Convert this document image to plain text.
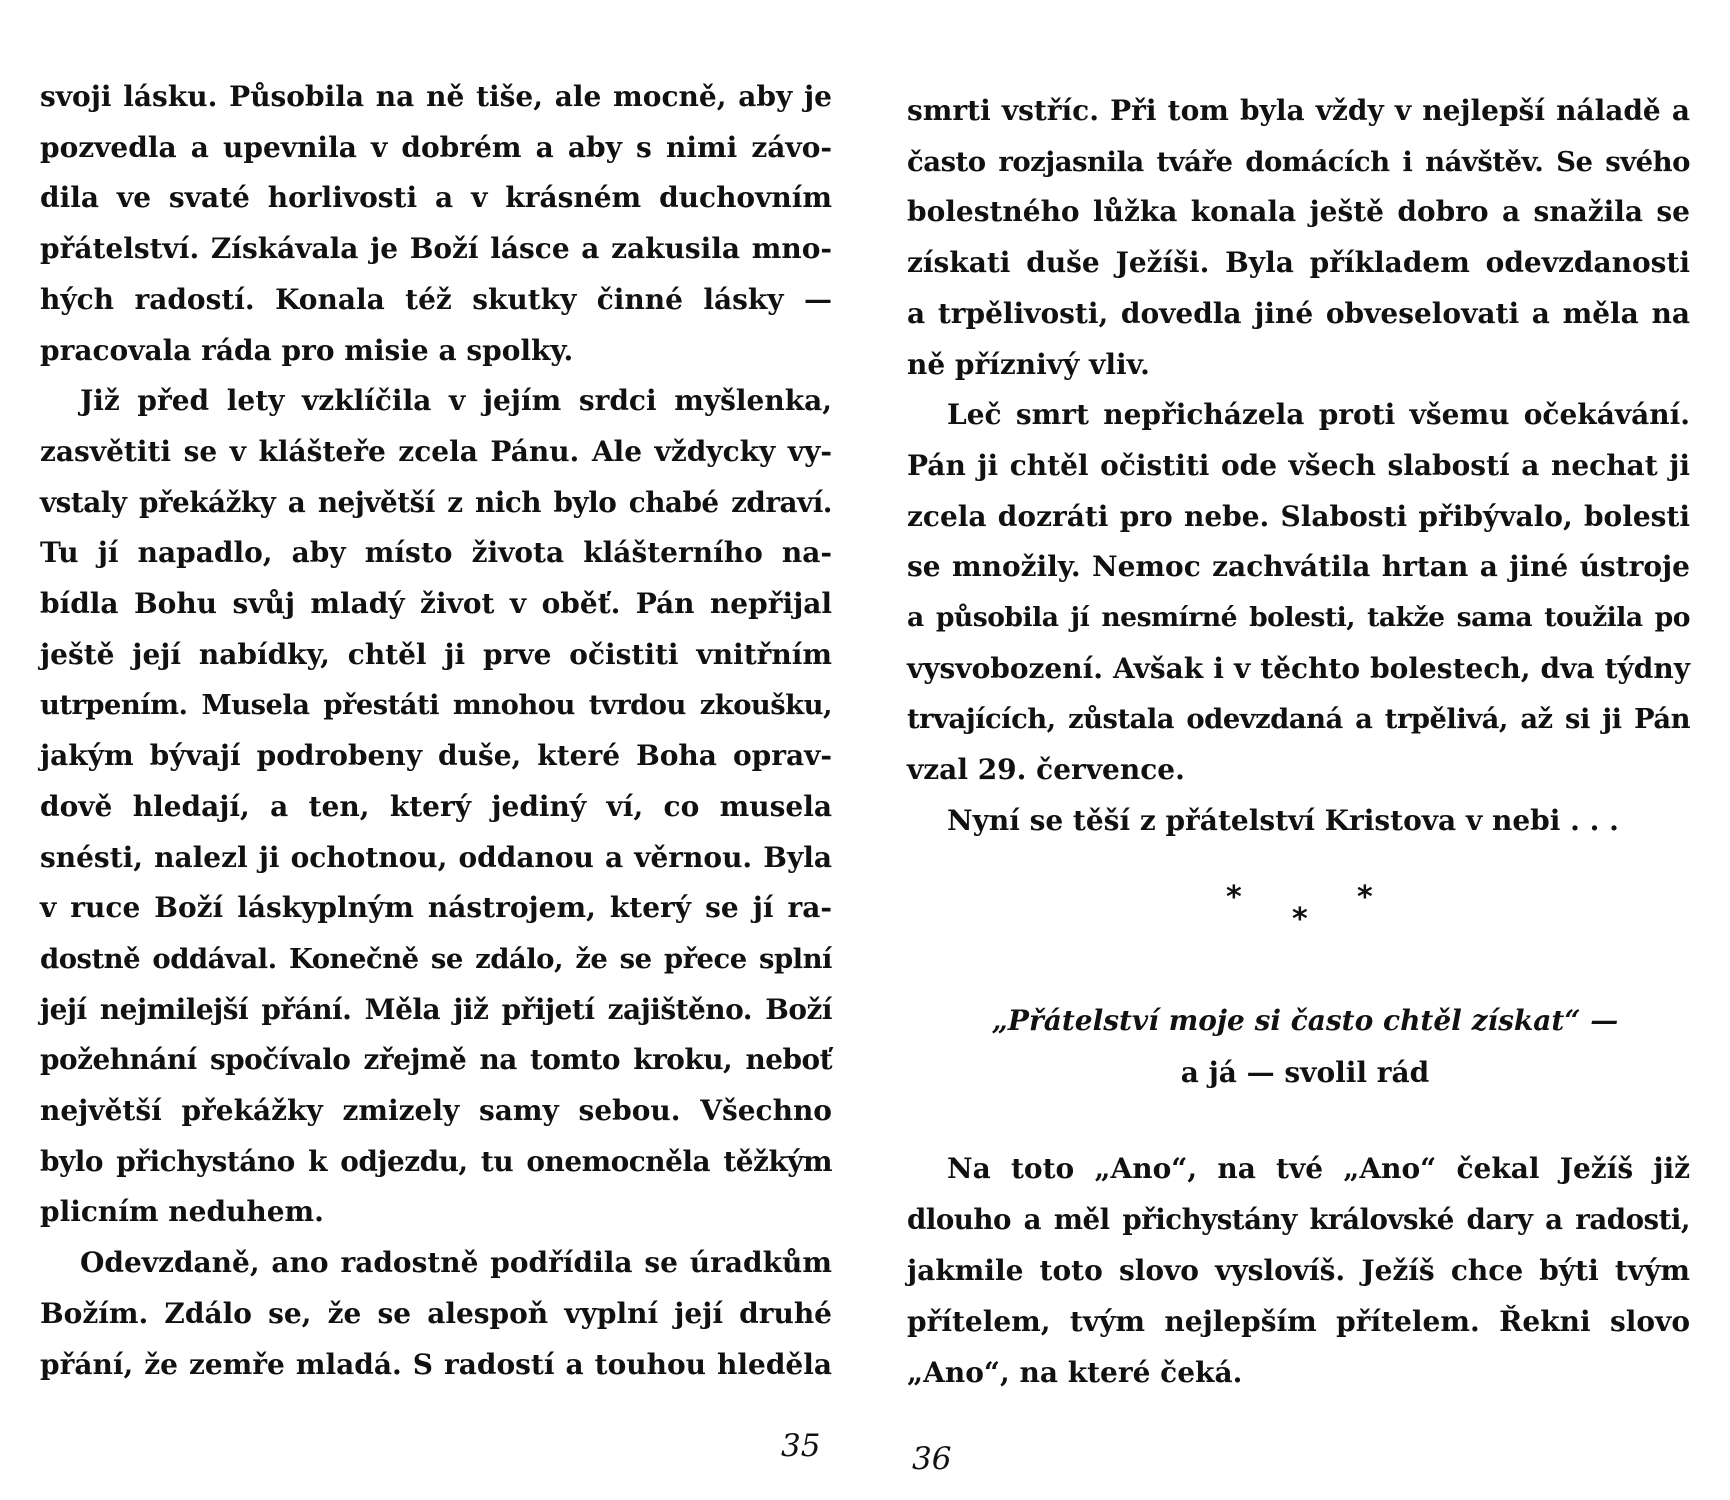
svoji lásku. Působila na ně tiše, ale mocně, aby je
pozvedla a upevnila v dobrém a aby s nimi závo-
dila ve svaté horlivosti a v krásném duchovním
přátelství. Získávala je Boží lásce a zakusila mno-
hých radostí. Konala též skutky činné lásky —
pracovala ráda pro misie a spolky.
Již před lety vzklíčila v jejím srdci myšlenka,
zasvětiti se v klášteře zcela Pánu. Ale vždycky vy-
vstaly překážky a největší z nich bylo chabé zdraví.
Tu jí napadlo, aby místo života klášterního na-
bídla Bohu svůj mladý život v oběť. Pán nepřijal
ještě její nabídky, chtěl ji prve očistiti vnitřním
utrpením. Musela přestáti mnohou tvrdou zkoušku,
jakým bývají podrobeny duše, které Boha oprav-
dově hledají, a ten, který jediný ví, co musela
snésti, nalezl ji ochotnou, oddanou a věrnou. Byla
v ruce Boží láskyplným nástrojem, který se jí ra-
dostně oddával. Konečně se zdálo, že se přece splní
její nejmilejší přání. Měla již přijetí zajištěno. Boží
požehnání spočívalo zřejmě na tomto kroku, neboť
největší překážky zmizely samy sebou. Všechno
bylo přichystáno k odjezdu, tu onemocněla těžkým
plicním neduhem.
Odevzdaně, ano radostně podřídila se úradkům
Božím. Zdálo se, že se alespoň vyplní její druhé
přání, že zemře mladá. S radostí a touhou hleděla
35
smrti vstříc. Při tom byla vždy v nejlepší náladě a
často rozjasnila tváře domácích i návštěv. Se svého
bolestného lůžka konala ještě dobro a snažila se
získati duše Ježíši. Byla příkladem odevzdanosti
a trpělivosti, dovedla jiné obveselovati a měla na
ně příznivý vliv.
Leč smrt nepřicházela proti všemu očekávání.
Pán ji chtěl očistiti ode všech slabostí a nechat ji
zcela dozráti pro nebe. Slabosti přibývalo, bolesti
se množily. Nemoc zachvátila hrtan a jiné ústroje
a působila jí nesmírné bolesti, takže sama toužila po
vysvobození. Avšak i v těchto bolestech, dva týdny
trvajících, zůstala odevzdaná a trpělivá, až si ji Pán
vzal 29. července.
Nyní se těší z přátelství Kristova v nebi . . .
*
*
*
„Přátelství moje si často chtěl získat“ —
a já — svolil rád
Na toto „Ano“, na tvé „Ano“ čekal Ježíš již
dlouho a měl přichystány královské dary a radosti,
jakmile toto slovo vyslovíš. Ježíš chce býti tvým
přítelem, tvým nejlepším přítelem. Řekni slovo
„Ano“, na které čeká.
36
